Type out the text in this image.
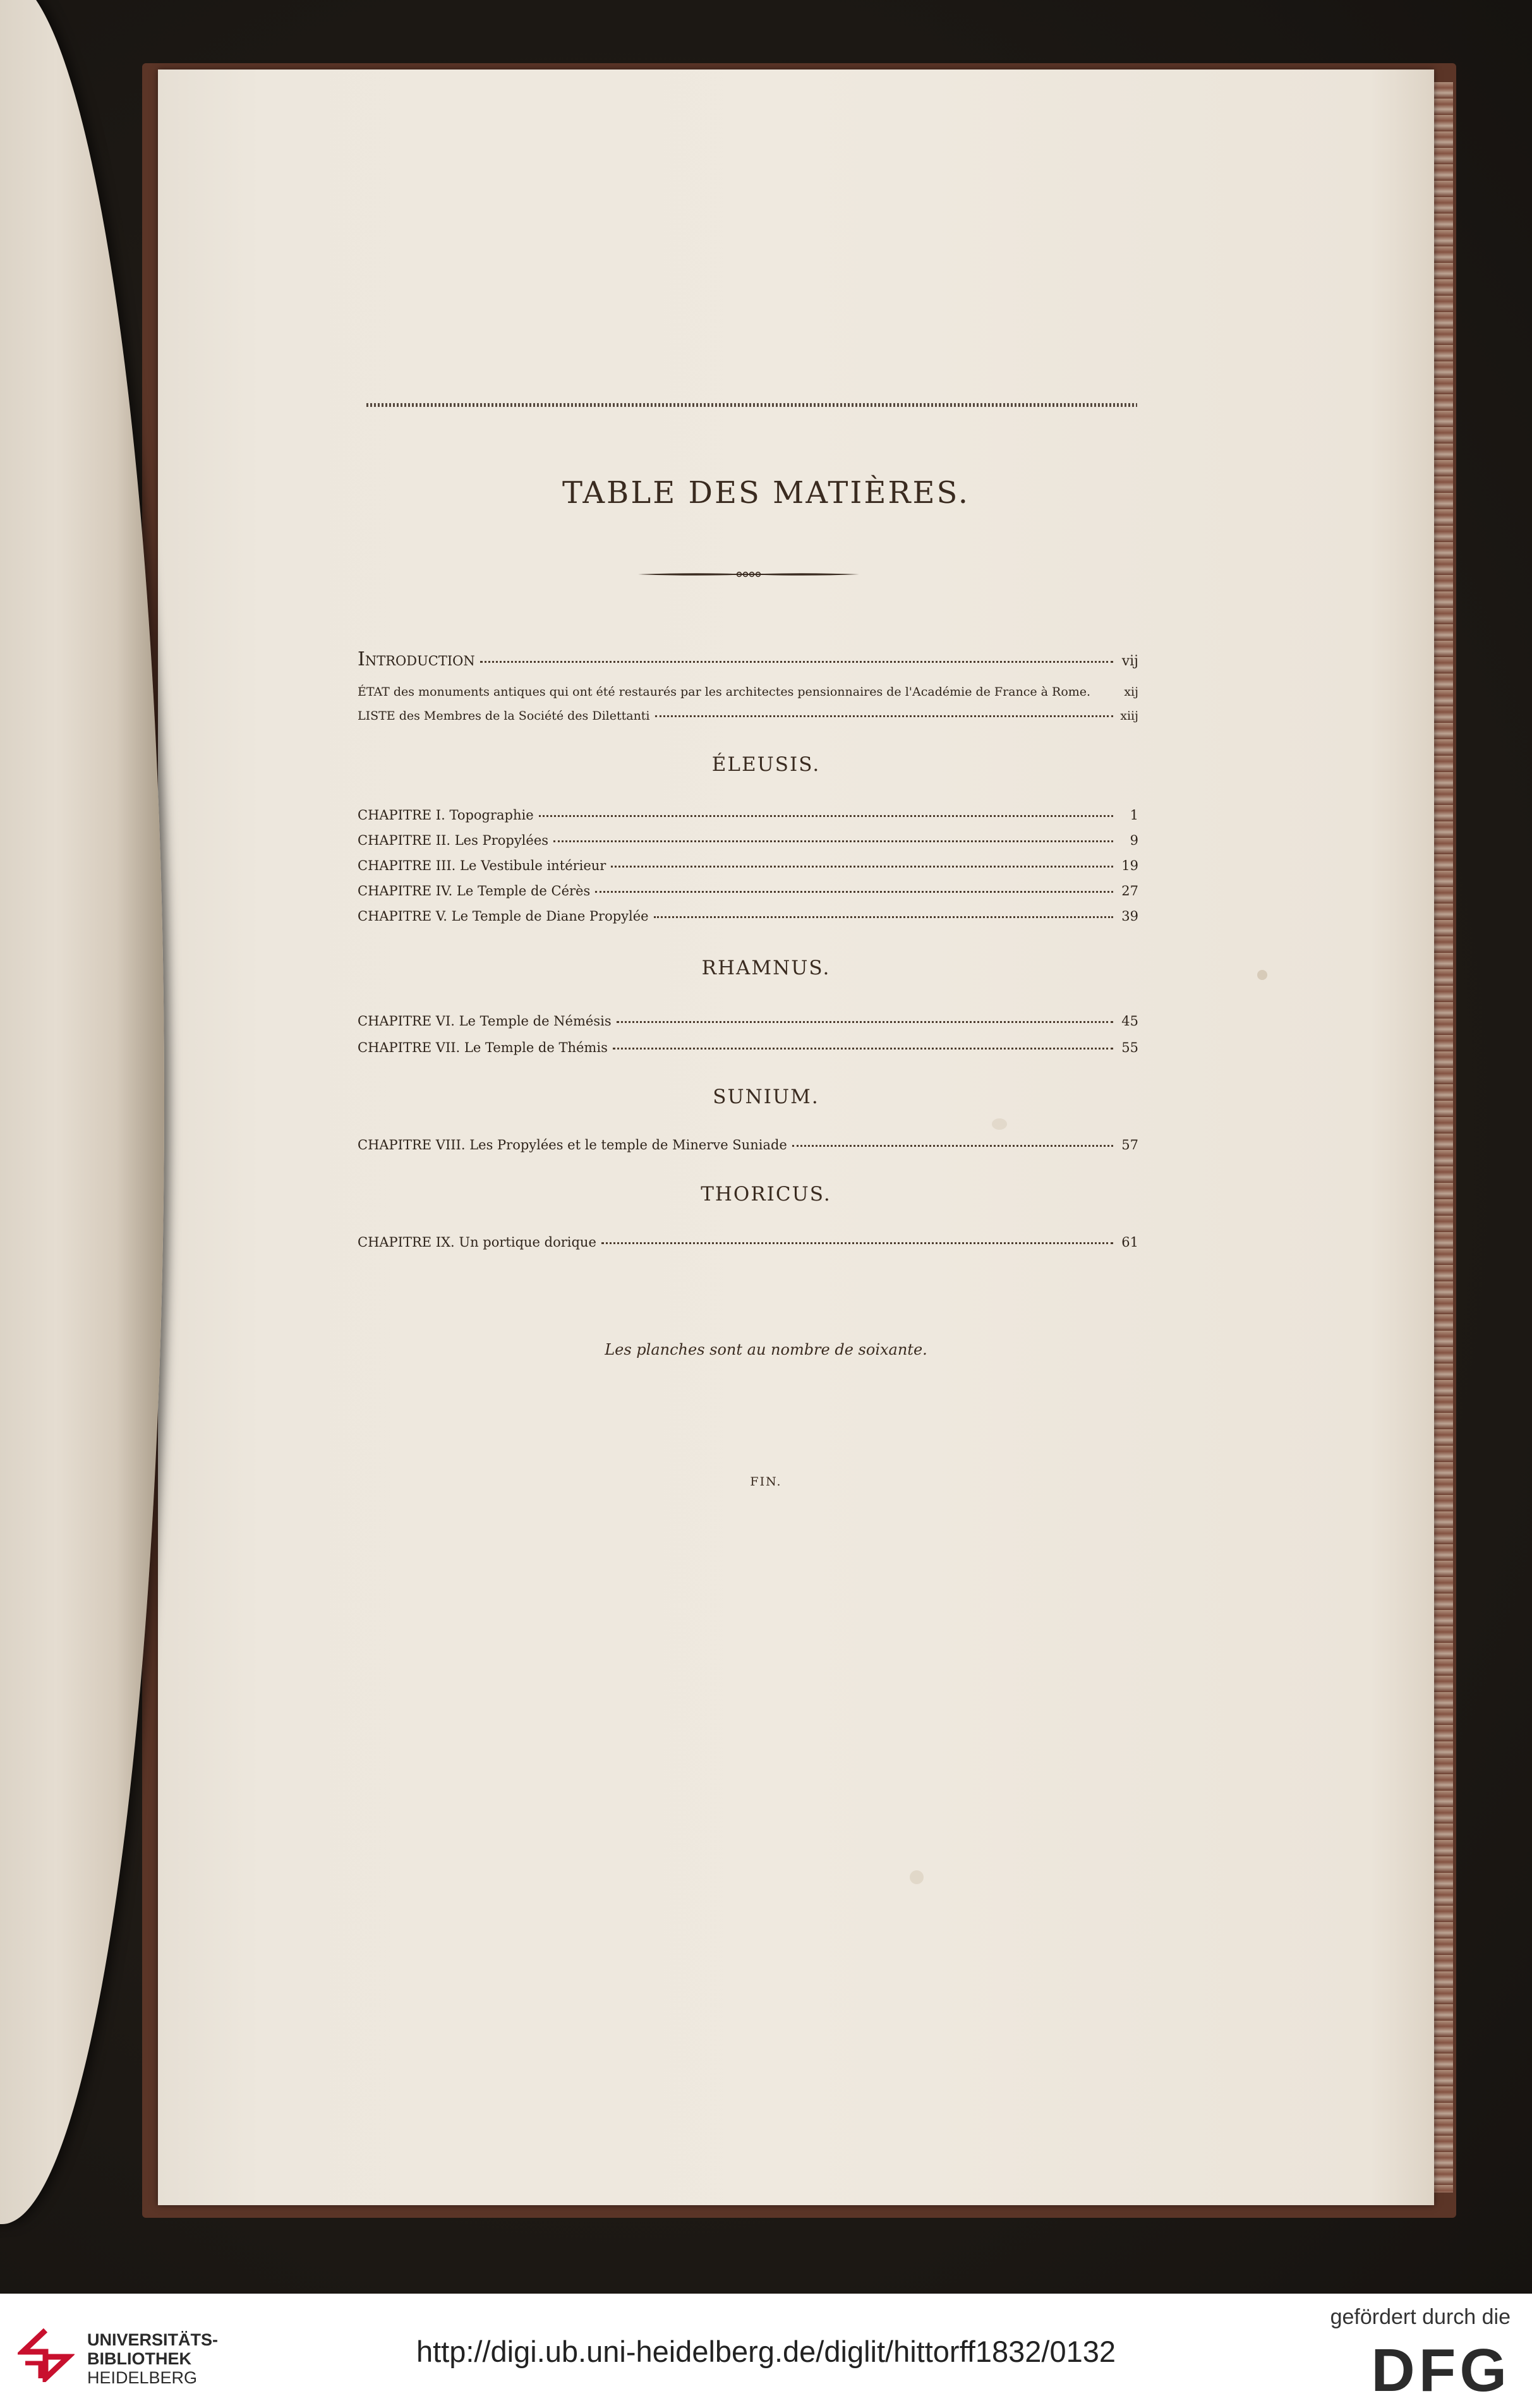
TABLE DES MATIÈRES.
Introduction	vij
ÉTAT des monuments antiques qui ont été restaurés par les architectes pensionnaires de l'Académie de France à Rome.	xij
LISTE des Membres de la Société des Dilettanti	xiij
ÉLEUSIS.
CHAPITRE I. Topographie	1
CHAPITRE II. Les Propylées	9
CHAPITRE III. Le Vestibule intérieur	19
CHAPITRE IV. Le Temple de Cérès	27
CHAPITRE V. Le Temple de Diane Propylée	39
RHAMNUS.
CHAPITRE VI. Le Temple de Némésis	45
CHAPITRE VII. Le Temple de Thémis	55
SUNIUM.
CHAPITRE VIII. Les Propylées et le temple de Minerve Suniade	57
THORICUS.
CHAPITRE IX. Un portique dorique	61
Les planches sont au nombre de soixante.
FIN.
UNIVERSITÄTS-
BIBLIOTHEK
HEIDELBERG
http://digi.ub.uni-heidelberg.de/diglit/hittorff1832/0132
gefördert durch die
DFG
